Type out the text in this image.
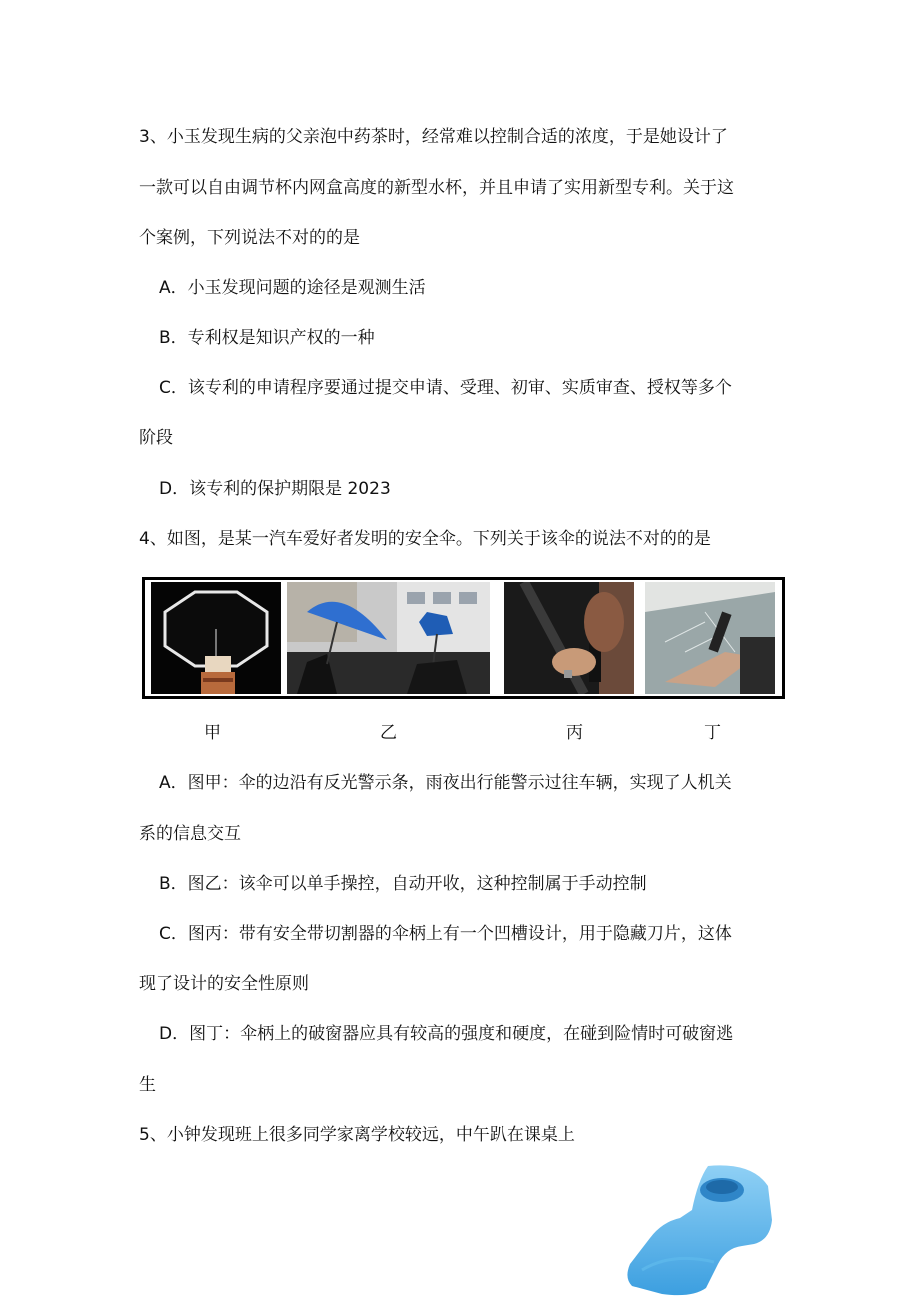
3、小玉发现生病的父亲泡中药茶时，经常难以控制合适的浓度，于是她设计了
一款可以自由调节杯内网盒高度的新型水杯，并且申请了实用新型专利。关于这
个案例，下列说法不对的的是
A．小玉发现问题的途径是观测生活
B．专利权是知识产权的一种
C．该专利的申请程序要通过提交申请、受理、初审、实质审查、授权等多个
阶段
D．该专利的保护期限是 2023
4、如图，是某一汽车爱好者发明的安全伞。下列关于该伞的说法不对的的是
甲	乙	丙	丁
A．图甲：伞的边沿有反光警示条，雨夜出行能警示过往车辆，实现了人机关
系的信息交互
B．图乙：该伞可以单手操控，自动开收，这种控制属于手动控制
C．图丙：带有安全带切割器的伞柄上有一个凹槽设计，用于隐藏刀片，这体
现了设计的安全性原则
D．图丁：伞柄上的破窗器应具有较高的强度和硬度，在碰到险情时可破窗逃
生
5、小钟发现班上很多同学家离学校较远，中午趴在课桌上
